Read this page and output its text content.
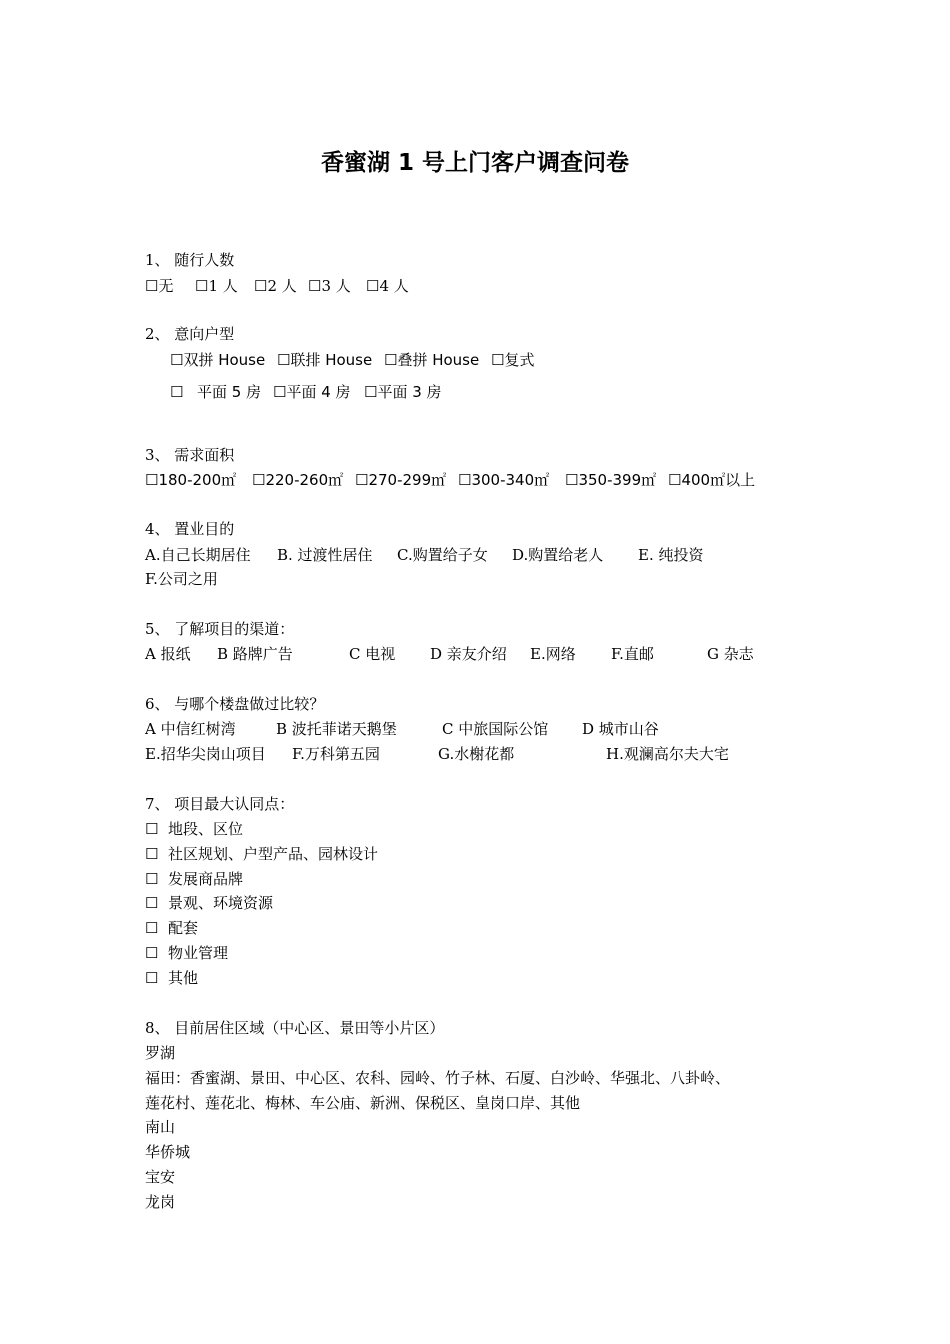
香蜜湖 1 号上门客户调查问卷
1、 随行人数

☐无

☐1 人

☐2 人

☐3 人

☐4 人

2、 意向户型

☐双拼 House

☐联排 House

☐叠拼 House

☐复式

☐

平面 5 房

☐平面 4 房

☐平面 3 房

3、 需求面积

☐180-200㎡

☐220-260㎡

☐270-299㎡

☐300-340㎡

☐350-399㎡

☐400㎡以上

4、 置业目的

A.自己长期居住

B. 过渡性居住

C.购置给子女

D.购置给老人

E. 纯投资

F.公司之用
5、 了解项目的渠道：

A 报纸

B 路牌广告

	C 电视

D 亲友介绍

E.网络

F.直邮

	G 杂志

6、 与哪个楼盘做过比较？

A 中信红树湾

	B 波托菲诺天鹅堡

	C 中旅国际公馆

D 城市山谷

E.招华尖岗山项目

F.万科第五园

	G.水榭花都

	H.观澜高尔夫大宅

7、 项目最大认同点：
☐  地段、区位
☐  社区规划、户型产品、园林设计
☐  发展商品牌
☐  景观、环境资源
☐  配套
☐  物业管理
☐  其他
8、 目前居住区域（中心区、景田等小片区）
罗湖
福田：香蜜湖、景田、中心区、农科、园岭、竹子林、石厦、白沙岭、华强北、八卦岭、
莲花村、莲花北、梅林、车公庙、新洲、保税区、皇岗口岸、其他
南山
华侨城
宝安
龙岗
